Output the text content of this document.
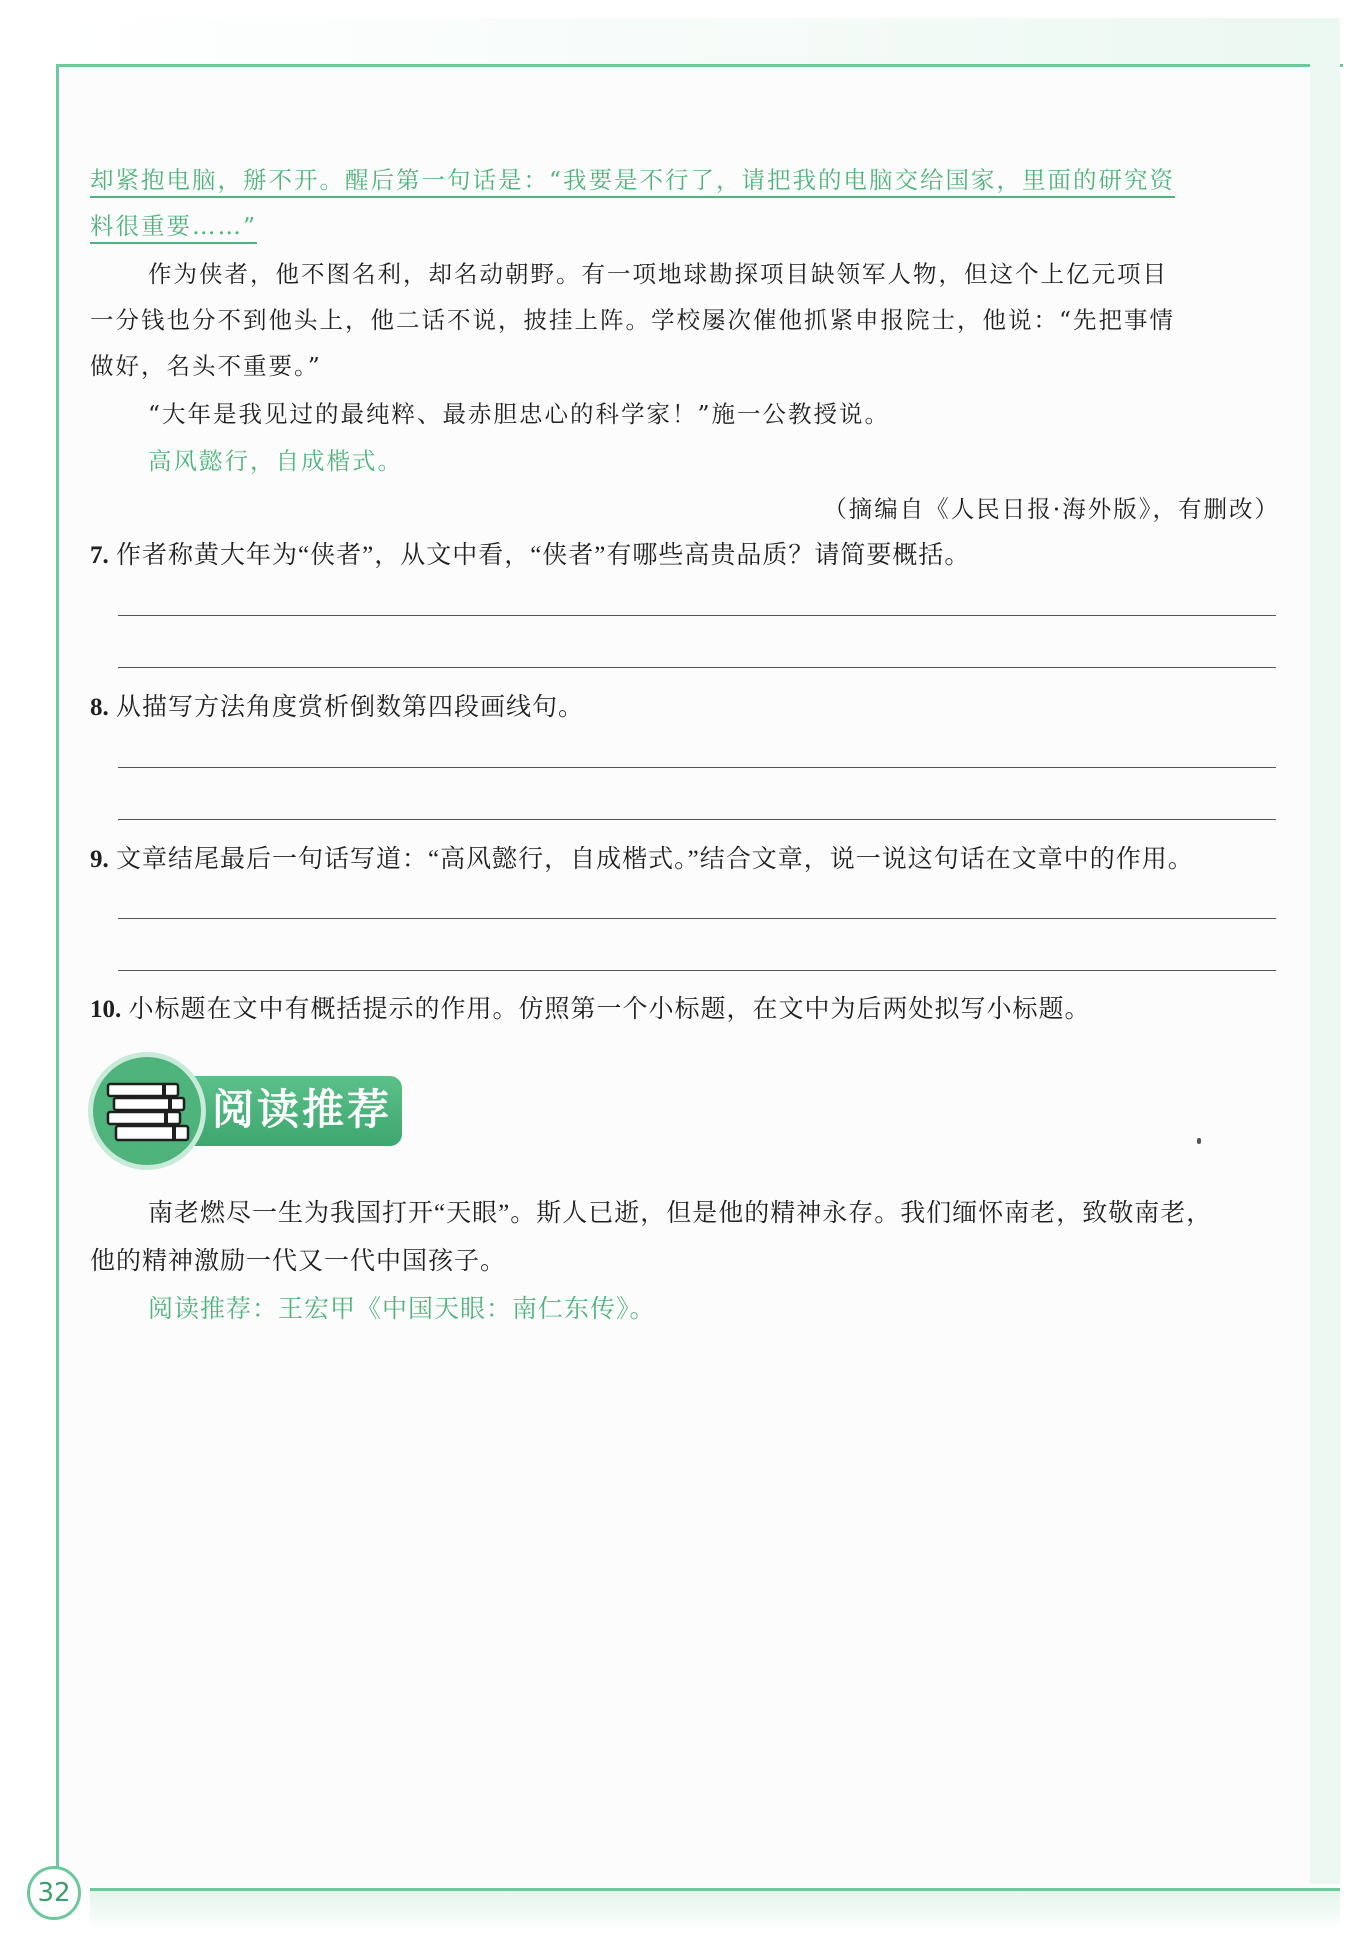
却紧抱电脑，掰不开。醒后第一句话是：“我要是不行了，请把我的电脑交给国家，里面的研究资
料很重要……”
作为侠者，他不图名利，却名动朝野。有一项地球勘探项目缺领军人物，但这个上亿元项目
一分钱也分不到他头上，他二话不说，披挂上阵。学校屡次催他抓紧申报院士，他说：“先把事情
做好，名头不重要。”
“大年是我见过的最纯粹、最赤胆忠心的科学家！”施一公教授说。
高风懿行，自成楷式。
（摘编自《人民日报·海外版》，有删改）
7. 作者称黄大年为“侠者”，从文中看，“侠者”有哪些高贵品质？请简要概括。
8. 从描写方法角度赏析倒数第四段画线句。
9. 文章结尾最后一句话写道：“高风懿行，自成楷式。”结合文章，说一说这句话在文章中的作用。
10. 小标题在文中有概括提示的作用。仿照第一个小标题，在文中为后两处拟写小标题。
阅读推荐
南老燃尽一生为我国打开“天眼”。斯人已逝，但是他的精神永存。我们缅怀南老，致敬南老，
他的精神激励一代又一代中国孩子。
阅读推荐：王宏甲《中国天眼：南仁东传》。
32
